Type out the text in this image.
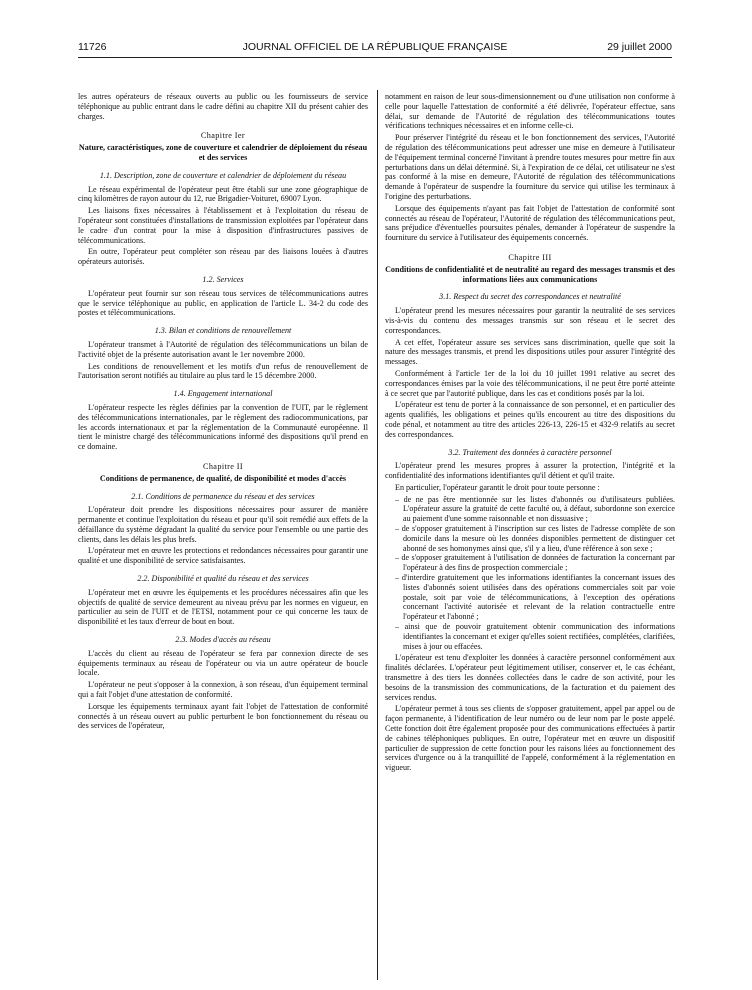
11726	JOURNAL OFFICIEL DE LA RÉPUBLIQUE FRANÇAISE	29 juillet 2000

les autres opérateurs de réseaux ouverts au public ou les fournisseurs de service téléphonique au public entrant dans le cadre défini au chapitre XII du présent cahier des charges.

Chapitre Ier
Nature, caractéristiques, zone de couverture et calendrier de déploiement du réseau et des services
1.1. Description, zone de couverture et calendrier de déploiement du réseau

Le réseau expérimental de l'opérateur peut être établi sur une zone géographique de cinq kilomètres de rayon autour du 12, rue Brigadier-Voituret, 69007 Lyon.

Les liaisons fixes nécessaires à l'établissement et à l'exploitation du réseau de l'opérateur sont constituées d'installations de transmission exploitées par l'opérateur dans le cadre d'un contrat pour la mise à disposition d'infrastructures passives de télécommunications.

En outre, l'opérateur peut compléter son réseau par des liaisons louées à d'autres opérateurs autorisés.

1.2. Services

L'opérateur peut fournir sur son réseau tous services de télécommunications autres que le service téléphonique au public, en application de l'article L. 34-2 du code des postes et télécommunications.

1.3. Bilan et conditions de renouvellement

L'opérateur transmet à l'Autorité de régulation des télécommunications un bilan de l'activité objet de la présente autorisation avant le 1er novembre 2000.

Les conditions de renouvellement et les motifs d'un refus de renouvellement de l'autorisation seront notifiés au titulaire au plus tard le 15 décembre 2000.

1.4. Engagement international

L'opérateur respecte les règles définies par la convention de l'UIT, par le règlement des télécommunications internationales, par le règlement des radiocommunications, par les accords internationaux et par la réglementation de la Communauté européenne. Il tient le ministre chargé des télécommunications informé des dispositions qu'il prend en ce domaine.

Chapitre II
Conditions de permanence, de qualité, de disponibilité et modes d'accès
2.1. Conditions de permanence du réseau et des services

L'opérateur doit prendre les dispositions nécessaires pour assurer de manière permanente et continue l'exploitation du réseau et pour qu'il soit remédié aux effets de la défaillance du système dégradant la qualité du service pour l'ensemble ou une partie des clients, dans les délais les plus brefs.

L'opérateur met en œuvre les protections et redondances nécessaires pour garantir une qualité et une disponibilité de service satisfaisantes.

2.2. Disponibilité et qualité du réseau et des services

L'opérateur met en œuvre les équipements et les procédures nécessaires afin que les objectifs de qualité de service demeurent au niveau prévu par les normes en vigueur, en particulier au sein de l'UIT et de l'ETSI, notamment pour ce qui concerne les taux de disponibilité et les taux d'erreur de bout en bout.

2.3. Modes d'accès au réseau

L'accès du client au réseau de l'opérateur se fera par connexion directe de ses équipements terminaux au réseau de l'opérateur ou via un autre opérateur de boucle locale.

L'opérateur ne peut s'opposer à la connexion, à son réseau, d'un équipement terminal qui a fait l'objet d'une attestation de conformité.

Lorsque les équipements terminaux ayant fait l'objet de l'attestation de conformité connectés à un réseau ouvert au public perturbent le bon fonctionnement du réseau ou des services de l'opérateur,

notamment en raison de leur sous-dimensionnement ou d'une utilisation non conforme à celle pour laquelle l'attestation de conformité a été délivrée, l'opérateur effectue, sans délai, sur demande de l'Autorité de régulation des télécommunications toutes vérifications techniques nécessaires et en informe celle-ci.

Pour préserver l'intégrité du réseau et le bon fonctionnement des services, l'Autorité de régulation des télécommunications peut adresser une mise en demeure à l'utilisateur de l'équipement terminal concerné l'invitant à prendre toutes mesures pour mettre fin aux perturbations dans un délai déterminé. Si, à l'expiration de ce délai, cet utilisateur ne s'est pas conformé à la mise en demeure, l'Autorité de régulation des télécommunications demande à l'opérateur de suspendre la fourniture du service qui utilise les terminaux à l'origine des perturbations.

Lorsque des équipements n'ayant pas fait l'objet de l'attestation de conformité sont connectés au réseau de l'opérateur, l'Autorité de régulation des télécommunications peut, sans préjudice d'éventuelles poursuites pénales, demander à l'opérateur de suspendre la fourniture du service à l'utilisateur des équipements concernés.

Chapitre III
Conditions de confidentialité et de neutralité au regard des messages transmis et des informations liées aux communications
3.1. Respect du secret des correspondances et neutralité

L'opérateur prend les mesures nécessaires pour garantir la neutralité de ses services vis-à-vis du contenu des messages transmis sur son réseau et le secret des correspondances.

A cet effet, l'opérateur assure ses services sans discrimination, quelle que soit la nature des messages transmis, et prend les dispositions utiles pour assurer l'intégrité des messages.

Conformément à l'article 1er de la loi du 10 juillet 1991 relative au secret des correspondances émises par la voie des télécommunications, il ne peut être porté atteinte à ce secret que par l'autorité publique, dans les cas et conditions posés par la loi.

L'opérateur est tenu de porter à la connaissance de son personnel, et en particulier des agents qualifiés, les obligations et peines qu'ils encourent au titre des dispositions du code pénal, et notamment au titre des articles 226-13, 226-15 et 432-9 relatifs au secret des correspondances.

3.2. Traitement des données à caractère personnel

L'opérateur prend les mesures propres à assurer la protection, l'intégrité et la confidentialité des informations identifiantes qu'il détient et qu'il traite.

En particulier, l'opérateur garantit le droit pour toute personne :

– de ne pas être mentionnée sur les listes d'abonnés ou d'utilisateurs publiées. L'opérateur assure la gratuité de cette faculté ou, à défaut, subordonne son exercice au paiement d'une somme raisonnable et non dissuasive ;
– de s'opposer gratuitement à l'inscription sur ces listes de l'adresse complète de son domicile dans la mesure où les données disponibles permettent de distinguer cet abonné de ses homonymes ainsi que, s'il y a lieu, d'une référence à son sexe ;
– de s'opposer gratuitement à l'utilisation de données de facturation la concernant par l'opérateur à des fins de prospection commerciale ;
– d'interdire gratuitement que les informations identifiantes la concernant issues des listes d'abonnés soient utilisées dans des opérations commerciales soit par voie postale, soit par voie de télécommunications, à l'exception des opérations concernant l'activité autorisée et relevant de la relation contractuelle entre l'opérateur et l'abonné ;
– ainsi que de pouvoir gratuitement obtenir communication des informations identifiantes la concernant et exiger qu'elles soient rectifiées, complétées, clarifiées, mises à jour ou effacées.

L'opérateur est tenu d'exploiter les données à caractère personnel conformément aux finalités déclarées. L'opérateur peut légitimement utiliser, conserver et, le cas échéant, transmettre à des tiers les données collectées dans le cadre de son activité, pour les besoins de la transmission des communications, de la facturation et du paiement des services rendus.

L'opérateur permet à tous ses clients de s'opposer gratuitement, appel par appel ou de façon permanente, à l'identification de leur numéro ou de leur nom par le poste appelé. Cette fonction doit être également proposée pour des communications effectuées à partir de cabines téléphoniques publiques. En outre, l'opérateur met en œuvre un dispositif particulier de suppression de cette fonction pour les raisons liées au fonctionnement des services d'urgence ou à la tranquillité de l'appelé, conformément à la réglementation en vigueur.
